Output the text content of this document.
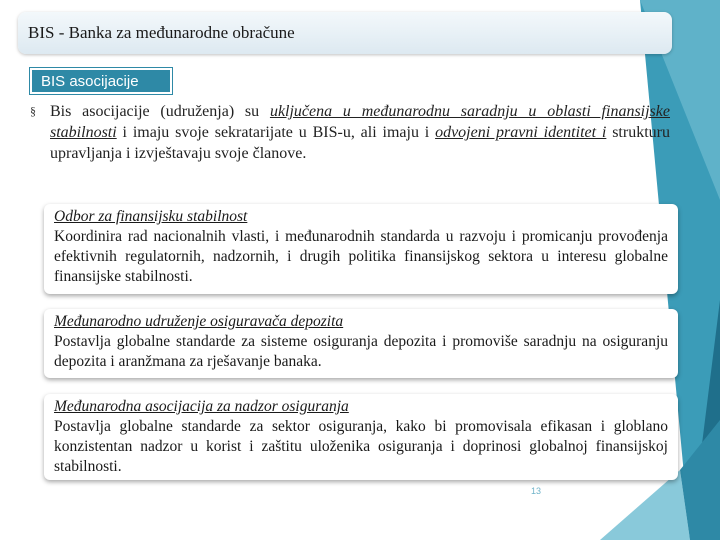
BIS - Banka za međunarodne obračune
BIS asocijacije
§ Bis asocijacije (udruženja) su uključena u međunarodnu saradnju u oblasti finansijske stabilnosti i imaju svoje sekratarijate u BIS-u, ali imaju i odvojeni pravni identitet i strukturu upravljanja i izvještavaju svoje članove.

Odbor za finansijsku stabilnost
Koordinira rad nacionalnih vlasti, i međunarodnih standarda u razvoju i promicanju provođenja efektivnih regulatornih, nadzornih, i drugih politika finansijskog sektora u interesu globalne finansijske stabilnosti.
Međunarodno udruženje osiguravača depozita
Postavlja globalne standarde za sisteme osiguranja depozita i promoviše saradnju na osiguranju depozita i aranžmana za rješavanje banaka.
Međunarodna asocijacija za nadzor osiguranja
Postavlja globalne standarde za sektor osiguranja, kako bi promovisala efikasan i globlano konzistentan nadzor u korist i zaštitu uloženika osiguranja i doprinosi globalnoj finansijskoj stabilnosti.
13
